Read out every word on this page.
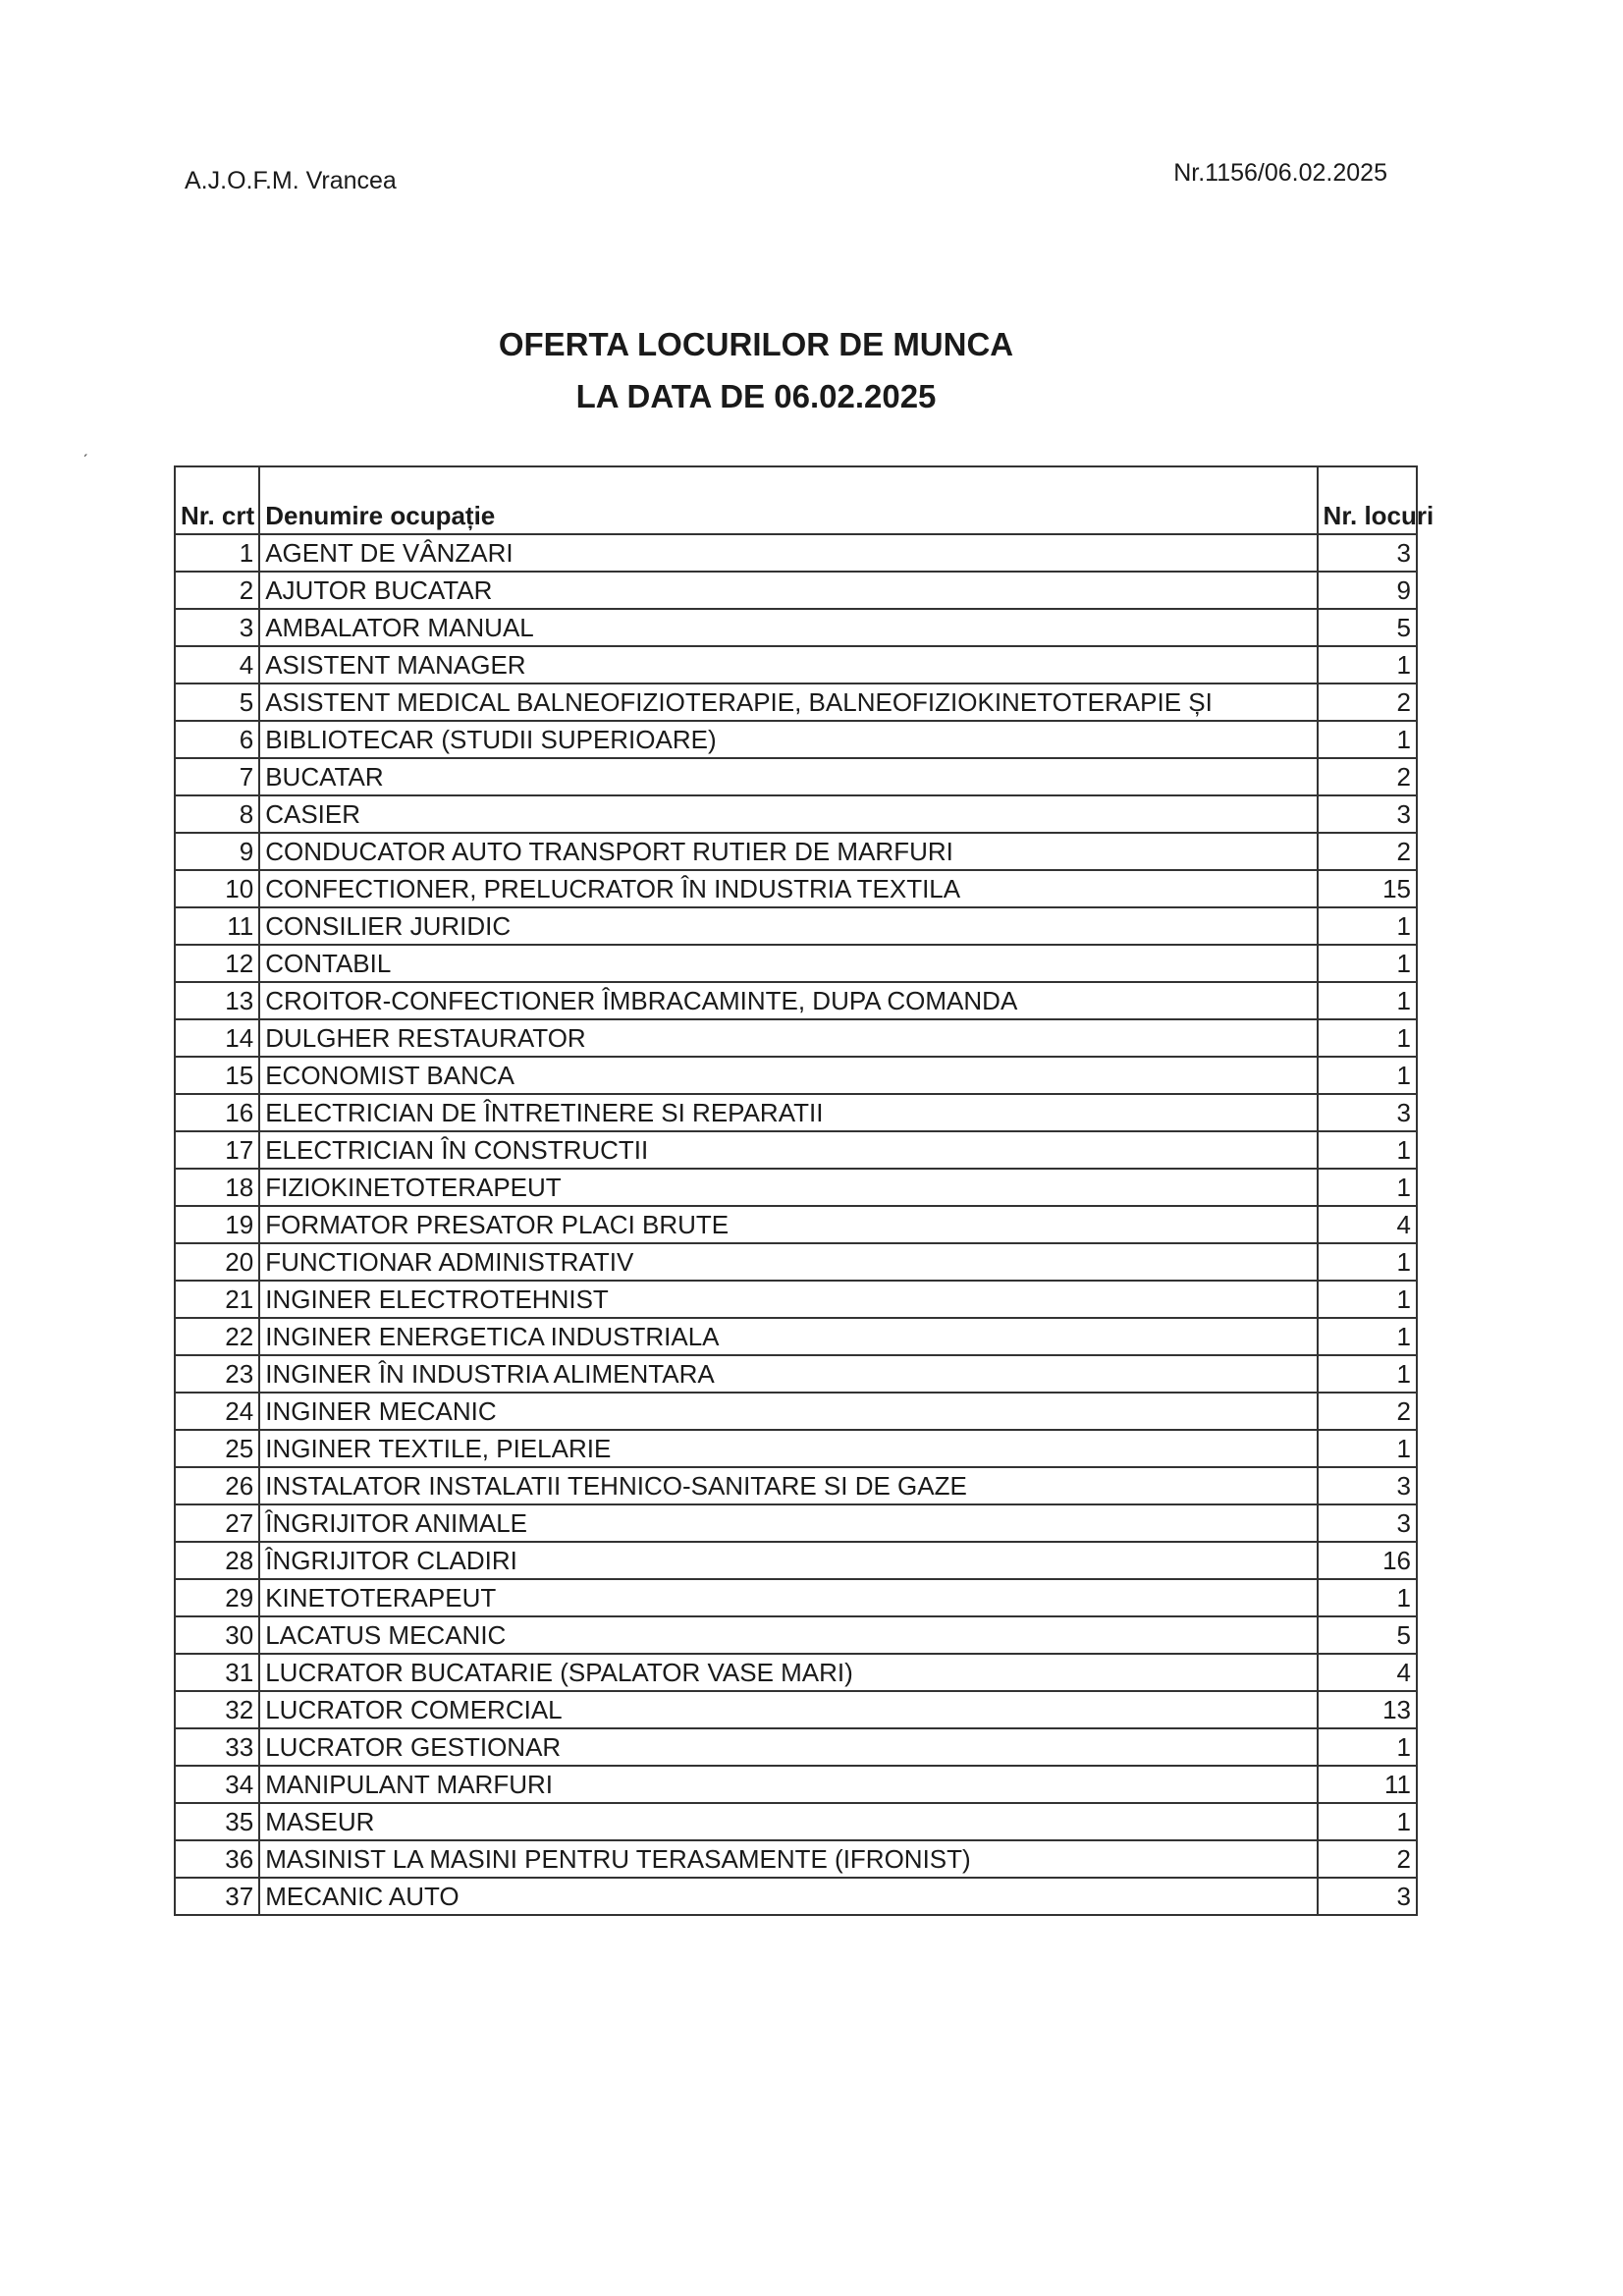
A.J.O.F.M. Vrancea	Nr.1156/06.02.2025
OFERTA LOCURILOR DE MUNCA
LA DATA DE 06.02.2025
ˊ
Nr. crt	Denumire ocupație	Nr. locuri
1	AGENT DE VÂNZARI	3
2	AJUTOR BUCATAR	9
3	AMBALATOR MANUAL	5
4	ASISTENT MANAGER	1
5	ASISTENT MEDICAL BALNEOFIZIOTERAPIE, BALNEOFIZIOKINETOTERAPIE ȘI	2
6	BIBLIOTECAR (STUDII SUPERIOARE)	1
7	BUCATAR	2
8	CASIER	3
9	CONDUCATOR AUTO TRANSPORT RUTIER DE MARFURI	2
10	CONFECTIONER, PRELUCRATOR ÎN INDUSTRIA TEXTILA	15
11	CONSILIER JURIDIC	1
12	CONTABIL	1
13	CROITOR-CONFECTIONER ÎMBRACAMINTE, DUPA COMANDA	1
14	DULGHER RESTAURATOR	1
15	ECONOMIST BANCA	1
16	ELECTRICIAN DE ÎNTRETINERE SI REPARATII	3
17	ELECTRICIAN ÎN CONSTRUCTII	1
18	FIZIOKINETOTERAPEUT	1
19	FORMATOR PRESATOR PLACI BRUTE	4
20	FUNCTIONAR ADMINISTRATIV	1
21	INGINER ELECTROTEHNIST	1
22	INGINER ENERGETICA INDUSTRIALA	1
23	INGINER ÎN INDUSTRIA ALIMENTARA	1
24	INGINER MECANIC	2
25	INGINER TEXTILE, PIELARIE	1
26	INSTALATOR INSTALATII TEHNICO-SANITARE SI DE GAZE	3
27	ÎNGRIJITOR ANIMALE	3
28	ÎNGRIJITOR CLADIRI	16
29	KINETOTERAPEUT	1
30	LACATUS MECANIC	5
31	LUCRATOR BUCATARIE (SPALATOR VASE MARI)	4
32	LUCRATOR COMERCIAL	13
33	LUCRATOR GESTIONAR	1
34	MANIPULANT MARFURI	11
35	MASEUR	1
36	MASINIST LA MASINI PENTRU TERASAMENTE (IFRONIST)	2
37	MECANIC AUTO	3
